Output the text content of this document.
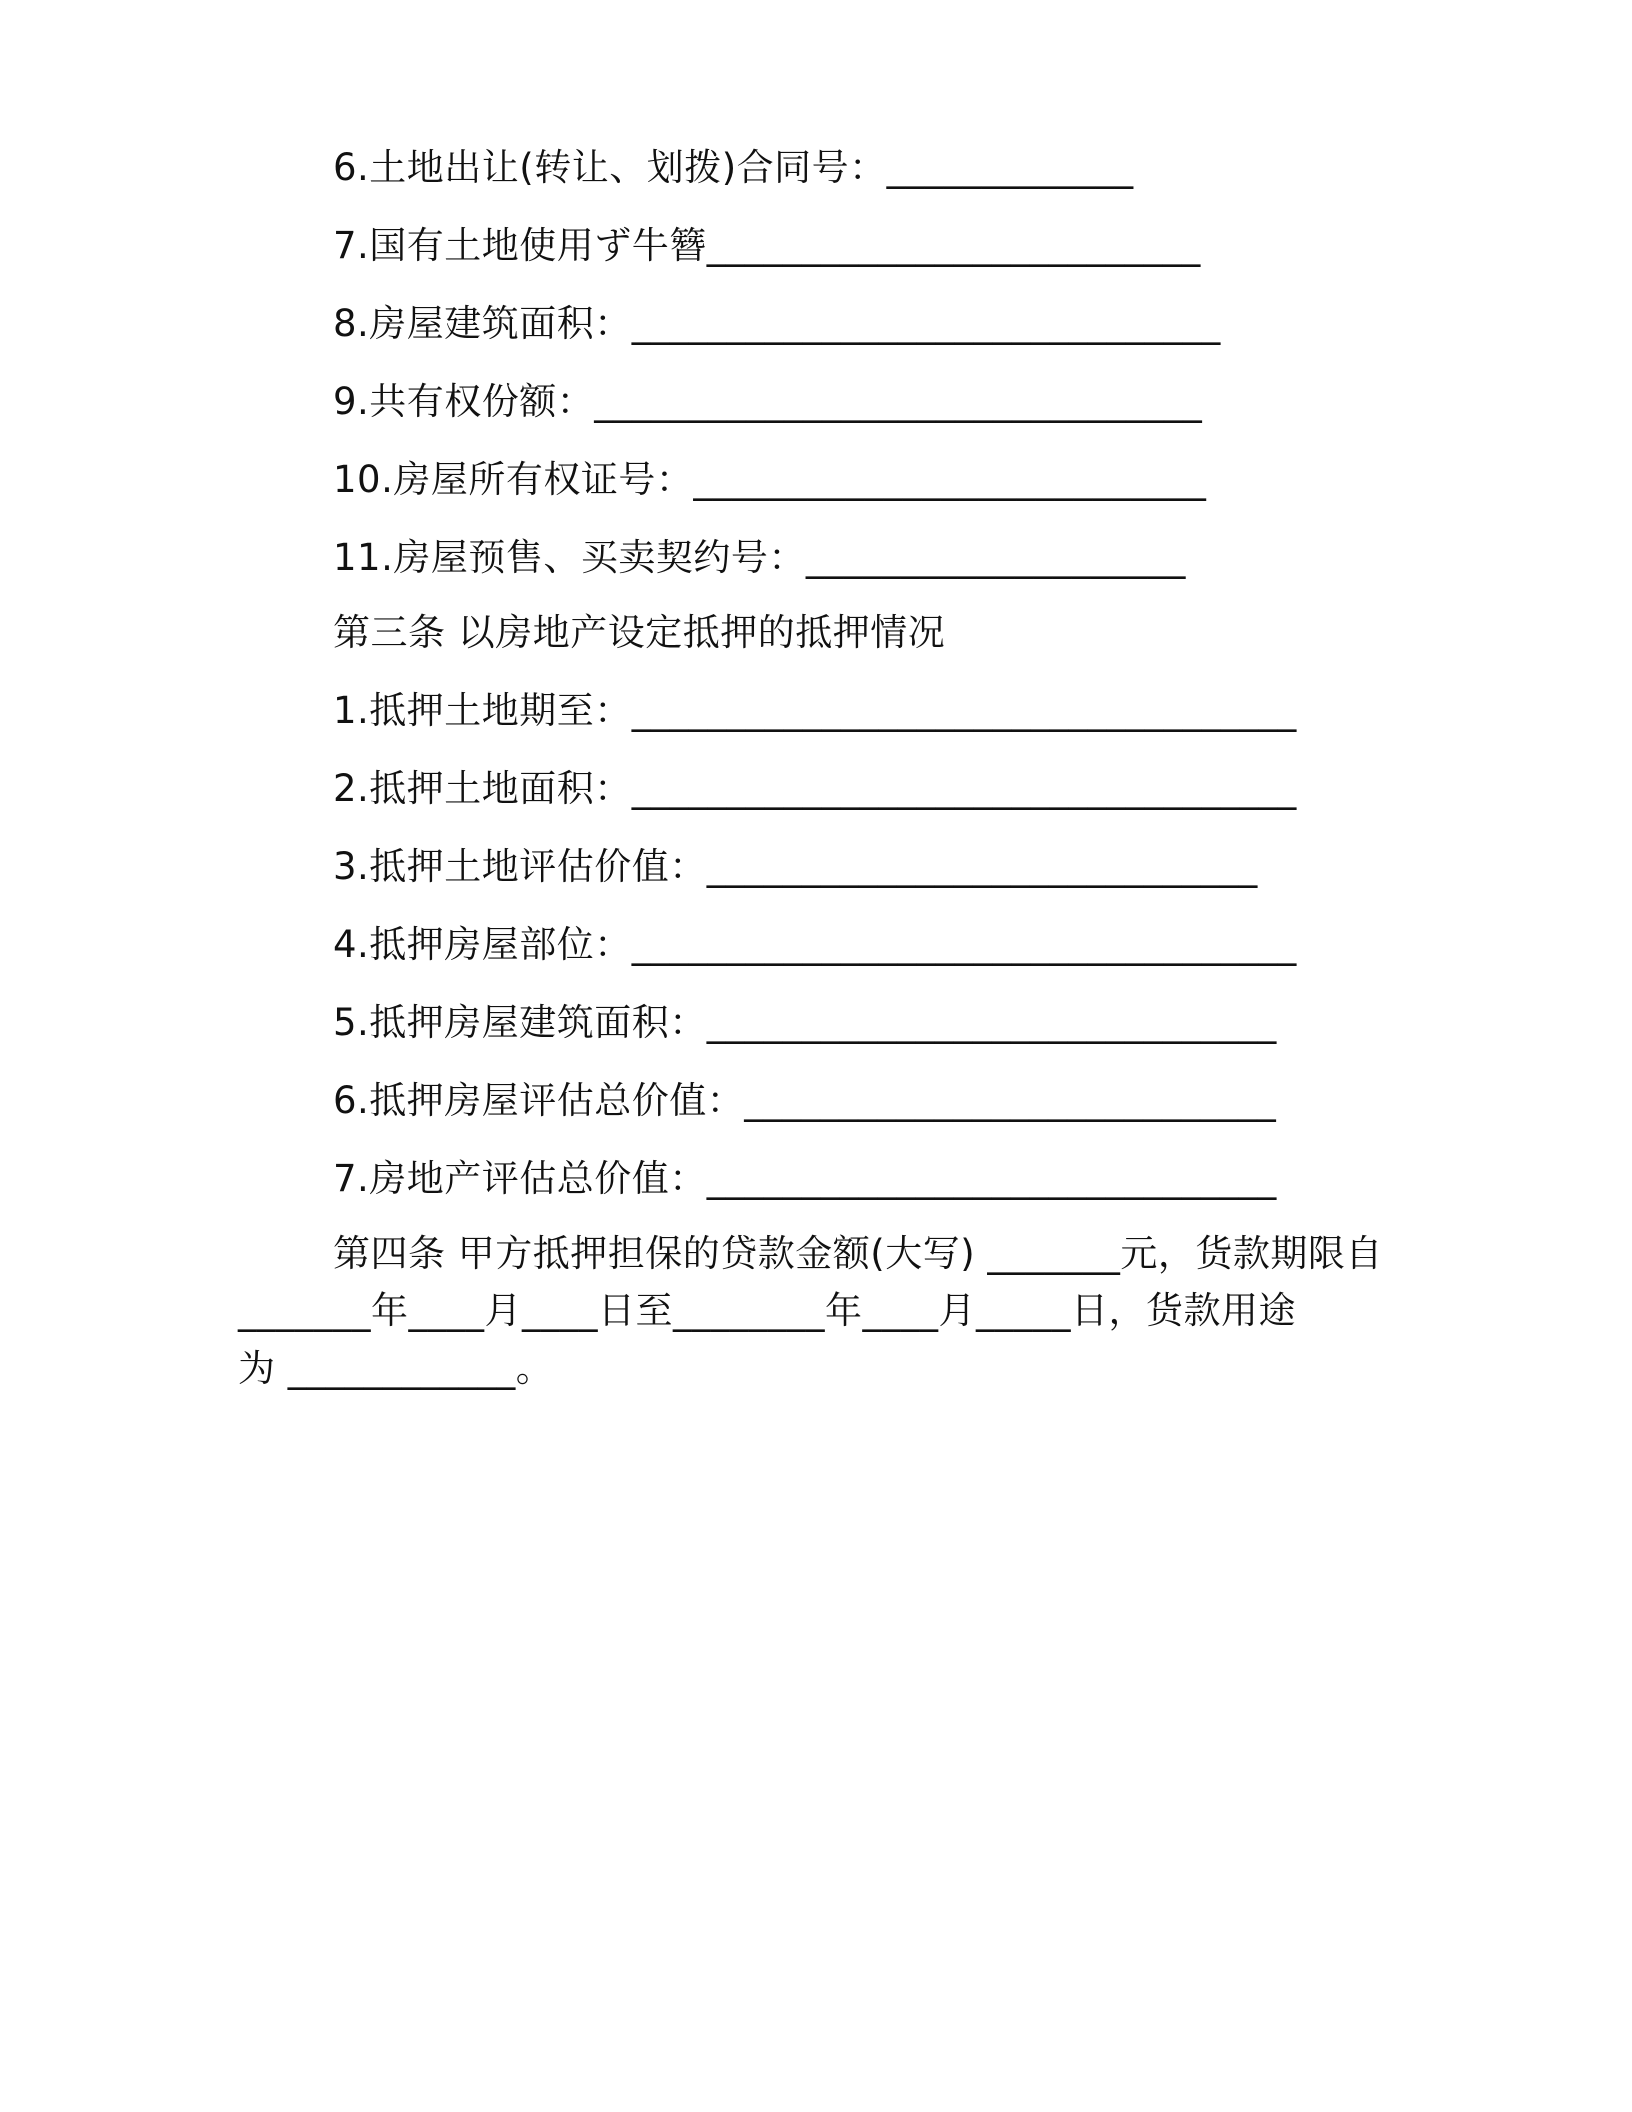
6.土地出让(转让、划拨)合同号：_____________
7.国有土地使用ず牛簪__________________________
8.房屋建筑面积：_______________________________
9.共有权份额：________________________________
10.房屋所有权证号：___________________________
11.房屋预售、买卖契约号：____________________
第三条 以房地产设定抵押的抵押情况
1.抵押土地期至：___________________________________
2.抵押土地面积：___________________________________
3.抵押土地评估价值：_____________________________
4.抵押房屋部位：___________________________________
5.抵押房屋建筑面积：______________________________
6.抵押房屋评估总价值：____________________________
7.房地产评估总价值：______________________________
第四条 甲方抵押担保的贷款金额(大写) _______元，货款期限自
_______年____月____日至________年____月_____日，货款用途
为 ____________。
